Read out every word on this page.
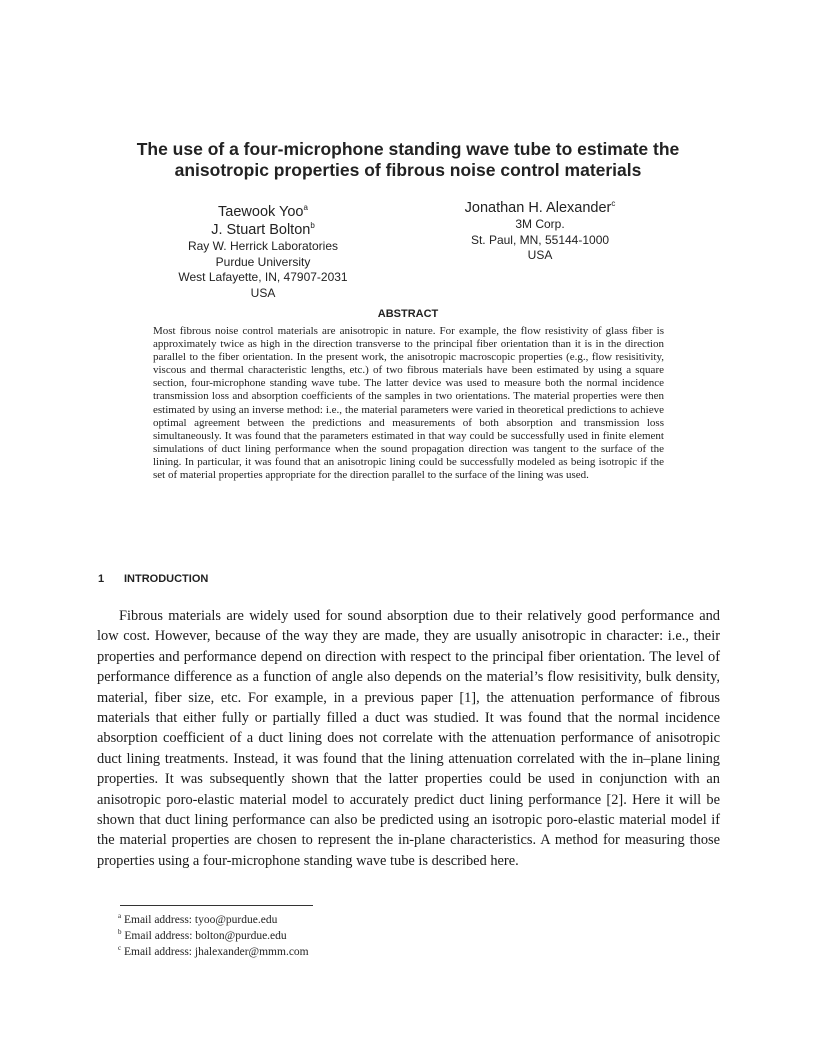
The use of a four-microphone standing wave tube to estimate the
anisotropic properties of fibrous noise control materials
Taewook Yoo$^a$
J. Stuart Bolton$^b$
Ray W. Herrick Laboratories
Purdue University
West Lafayette, IN, 47907-2031
USA
Jonathan H. Alexander$^c$
3M Corp.
St. Paul, MN, 55144-1000
USA
ABSTRACT
Most fibrous noise control materials are anisotropic in nature. For example, the flow resistivity of glass fiber is approximately twice as high in the direction transverse to the principal fiber orientation than it is in the direction parallel to the fiber orientation. In the present work, the anisotropic macroscopic properties (e.g., flow resisitivity, viscous and thermal characteristic lengths, etc.) of two fibrous materials have been estimated by using a square section, four-microphone standing wave tube. The latter device was used to measure both the normal incidence transmission loss and absorption coefficients of the samples in two orientations. The material properties were then estimated by using an inverse method: i.e., the material parameters were varied in theoretical predictions to achieve optimal agreement between the predictions and measurements of both absorption and transmission loss simultaneously. It was found that the parameters estimated in that way could be successfully used in finite element simulations of duct lining performance when the sound propagation direction was tangent to the surface of the lining. In particular, it was found that an anisotropic lining could be successfully modeled as being isotropic if the set of material properties appropriate for the direction parallel to the surface of the lining was used.
1 INTRODUCTION
Fibrous materials are widely used for sound absorption due to their relatively good performance and low cost. However, because of the way they are made, they are usually anisotropic in character: i.e., their properties and performance depend on direction with respect to the principal fiber orientation. The level of performance difference as a function of angle also depends on the material’s flow resisitivity, bulk density, material, fiber size, etc. For example, in a previous paper [1], the attenuation performance of fibrous materials that either fully or partially filled a duct was studied. It was found that the normal incidence absorption coefficient of a duct lining does not correlate with the attenuation performance of anisotropic duct lining treatments. Instead, it was found that the lining attenuation correlated with the in–plane lining properties. It was subsequently shown that the latter properties could be used in conjunction with an anisotropic poro-elastic material model to accurately predict duct lining performance [2]. Here it will be shown that duct lining performance can also be predicted using an isotropic poro-elastic material model if the material properties are chosen to represent the in-plane characteristics. A method for measuring those properties using a four-microphone standing wave tube is described here.
$^a$ Email address: tyoo@purdue.edu
$^b$ Email address: bolton@purdue.edu
$^c$ Email address: jhalexander@mmm.com
